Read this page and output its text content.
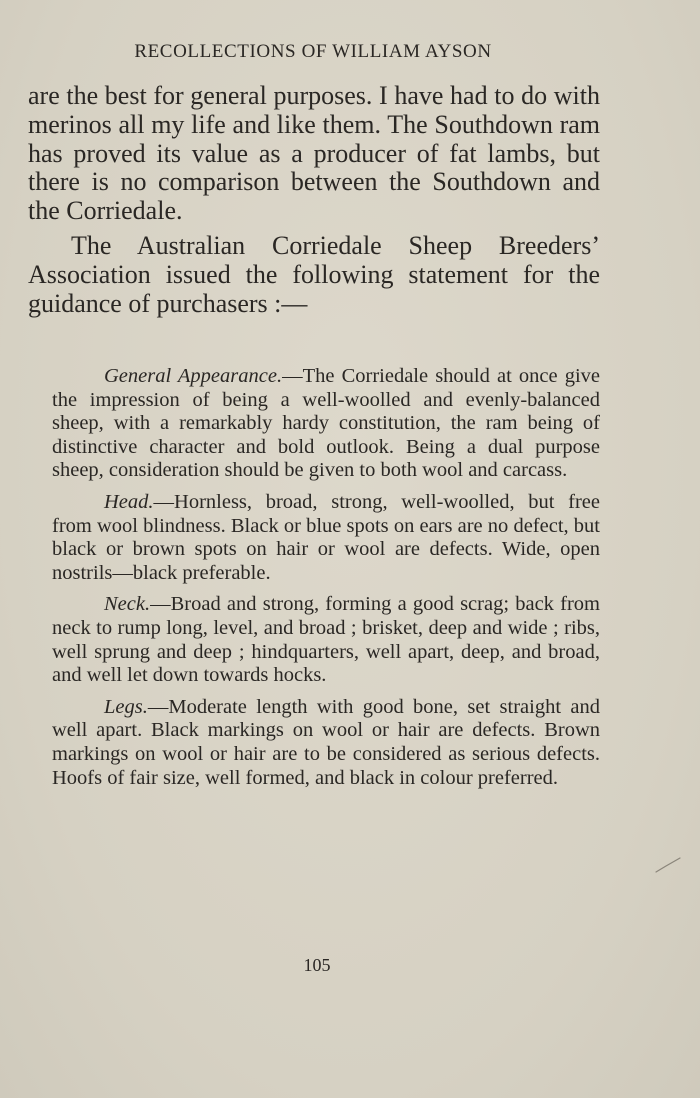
RECOLLECTIONS OF WILLIAM AYSON

are the best for general purposes. I have had to do with merinos all my life and like them. The Southdown ram has proved its value as a producer of fat lambs, but there is no comparison between the Southdown and the Corriedale.

The Australian Corriedale Sheep Breeders’ Association issued the following statement for the guidance of purchasers :—

General Appearance.—The Corriedale should at once give the impression of being a well-woolled and evenly-balanced sheep, with a remarkably hardy constitution, the ram being of distinctive character and bold outlook. Being a dual purpose sheep, consideration should be given to both wool and carcass.

Head.—Hornless, broad, strong, well-woolled, but free from wool blindness. Black or blue spots on ears are no defect, but black or brown spots on hair or wool are defects. Wide, open nostrils—black preferable.

Neck.—Broad and strong, forming a good scrag; back from neck to rump long, level, and broad ; brisket, deep and wide ; ribs, well sprung and deep ; hindquarters, well apart, deep, and broad, and well let down towards hocks.

Legs.—Moderate length with good bone, set straight and well apart. Black markings on wool or hair are defects. Brown markings on wool or hair are to be considered as serious defects. Hoofs of fair size, well formed, and black in colour preferred.

105
